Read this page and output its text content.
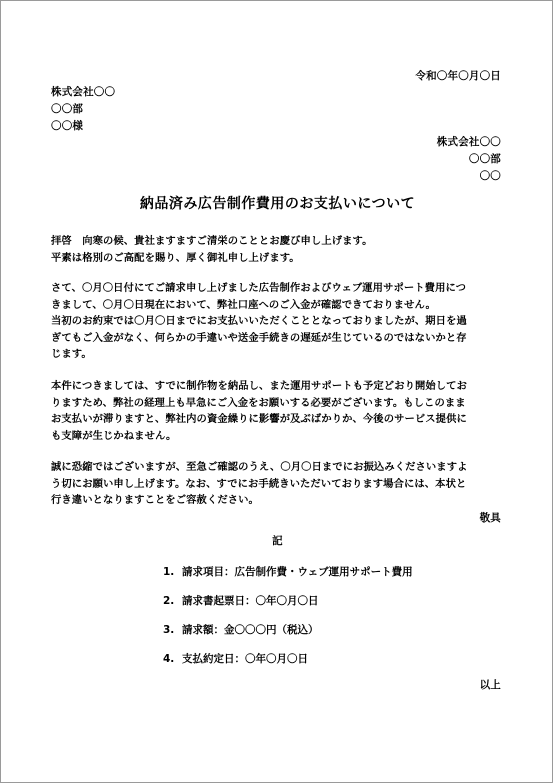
令和〇年〇月〇日
株式会社〇〇
〇〇部
〇〇様
株式会社〇〇
〇〇部
〇〇
納品済み広告制作費用のお支払いについて
拝啓　向寒の候、貴社ますますご清栄のこととお慶び申し上げます。
平素は格別のご高配を賜り、厚く御礼申し上げます。
さて、〇月〇日付にてご請求申し上げました広告制作およびウェブ運用サポート費用につ
きまして、〇月〇日現在において、弊社口座へのご入金が確認できておりません。
当初のお約束では〇月〇日までにお支払いいただくこととなっておりましたが、期日を過
ぎてもご入金がなく、何らかの手違いや送金手続きの遅延が生じているのではないかと存
じます。
本件につきましては、すでに制作物を納品し、また運用サポートも予定どおり開始してお
りますため、弊社の経理上も早急にご入金をお願いする必要がございます。もしこのまま
お支払いが滞りますと、弊社内の資金繰りに影響が及ぶばかりか、今後のサービス提供に
も支障が生じかねません。
誠に恐縮ではございますが、至急ご確認のうえ、〇月〇日までにお振込みくださいますよ
う切にお願い申し上げます。なお、すでにお手続きいただいております場合には、本状と
行き違いとなりますことをご容赦ください。
敬具
記
1. 請求項目：広告制作費・ウェブ運用サポート費用
2. 請求書起票日：〇年〇月〇日
3. 請求額：金〇〇〇円（税込）
4. 支払約定日：〇年〇月〇日
以上
